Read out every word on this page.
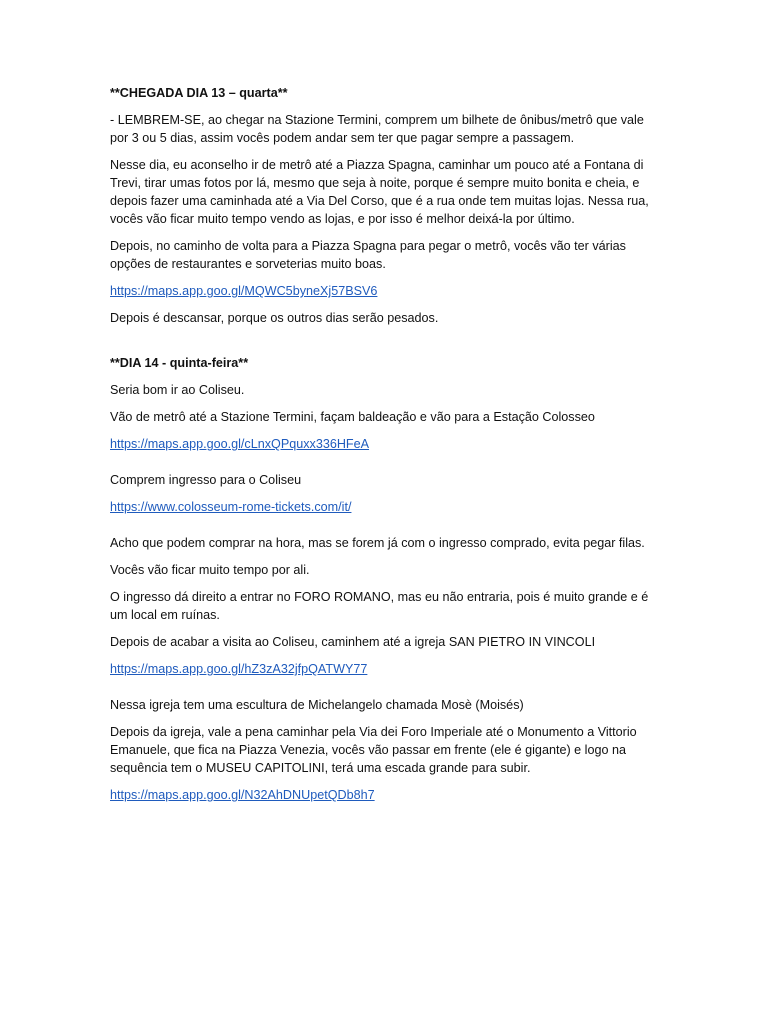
**CHEGADA DIA 13 – quarta**

- LEMBREM-SE, ao chegar na Stazione Termini, comprem um bilhete de ônibus/metrô que vale por 3 ou 5 dias, assim vocês podem andar sem ter que pagar sempre a passagem.

Nesse dia, eu aconselho ir de metrô até a Piazza Spagna, caminhar um pouco até a Fontana di Trevi, tirar umas fotos por lá, mesmo que seja à noite, porque é sempre muito bonita e cheia, e depois fazer uma caminhada até a Via Del Corso, que é a rua onde tem muitas lojas. Nessa rua, vocês vão ficar muito tempo vendo as lojas, e por isso é melhor deixá-la por último.

Depois, no caminho de volta para a Piazza Spagna para pegar o metrô, vocês vão ter várias opções de restaurantes e sorveterias muito boas.

https://maps.app.goo.gl/MQWC5byneXj57BSV6

Depois é descansar, porque os outros dias serão pesados.

**DIA 14 - quinta-feira**

Seria bom ir ao Coliseu.

Vão de metrô até a Stazione Termini, façam baldeação e vão para a Estação Colosseo

https://maps.app.goo.gl/cLnxQPquxx336HFeA

Comprem ingresso para o Coliseu

https://www.colosseum-rome-tickets.com/it/

Acho que podem comprar na hora, mas se forem já com o ingresso comprado, evita pegar filas.

Vocês vão ficar muito tempo por ali.

O ingresso dá direito a entrar no FORO ROMANO, mas eu não entraria, pois é muito grande e é um local em ruínas.

Depois de acabar a visita ao Coliseu, caminhem até a igreja SAN PIETRO IN VINCOLI

https://maps.app.goo.gl/hZ3zA32jfpQATWY77

Nessa igreja tem uma escultura de Michelangelo chamada Mosè (Moisés)

Depois da igreja, vale a pena caminhar pela Via dei Foro Imperiale até o Monumento a Vittorio Emanuele, que fica na Piazza Venezia, vocês vão passar em frente (ele é gigante) e logo na sequência tem o MUSEU CAPITOLINI, terá uma escada grande para subir.

https://maps.app.goo.gl/N32AhDNUpetQDb8h7
